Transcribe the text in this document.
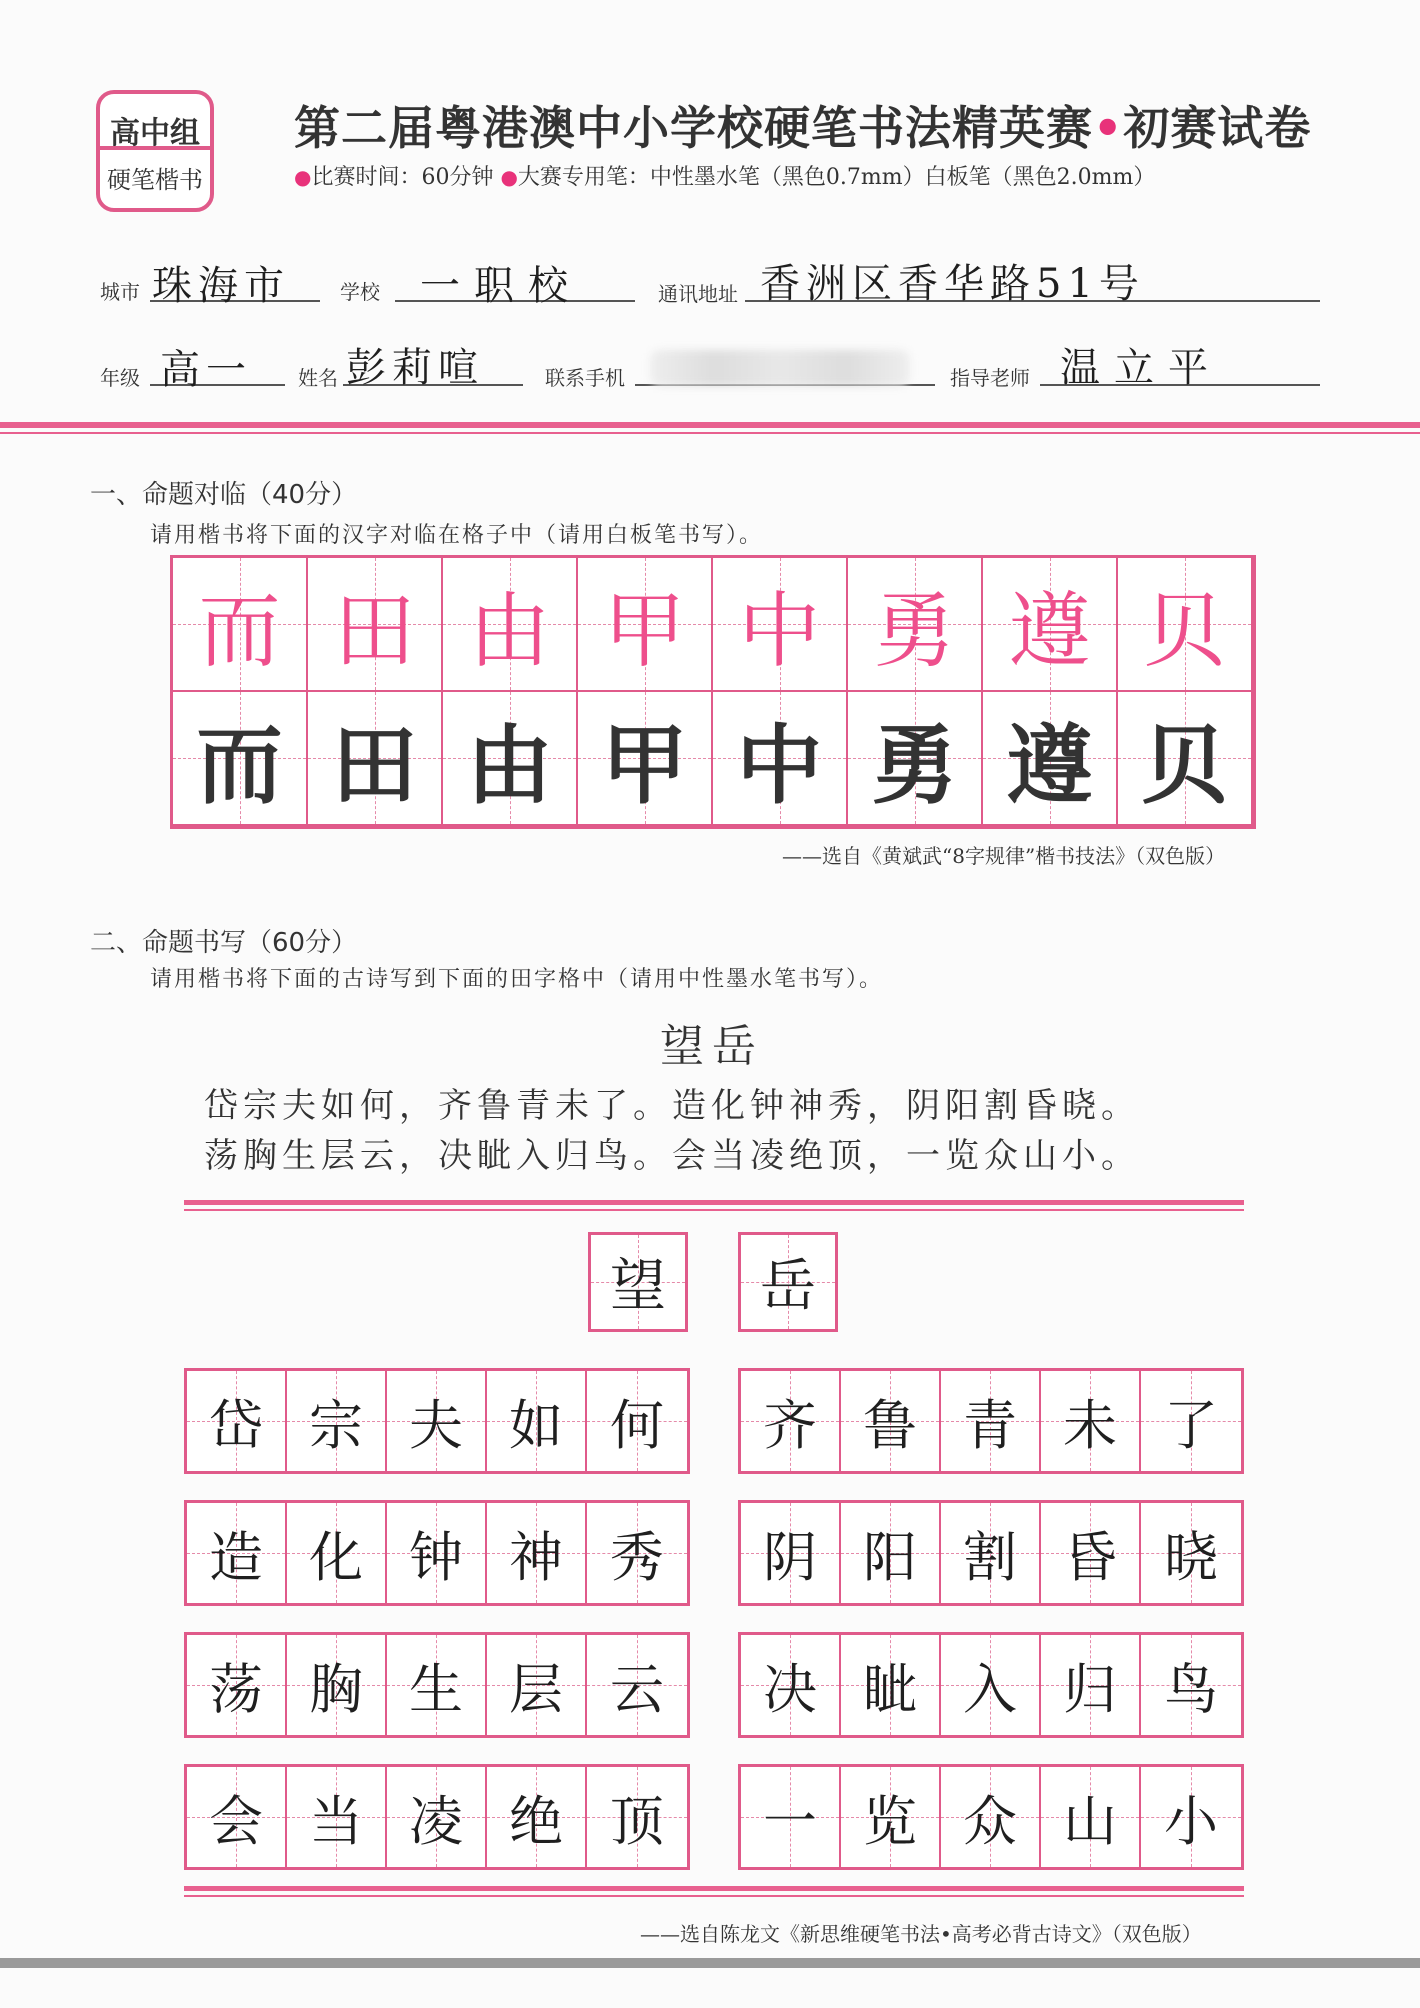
高中组
硬笔楷书
第二届粤港澳中小学校硬笔书法精英赛•初赛试卷
●比赛时间：60分钟 ●大赛专用笔：中性墨水笔（黑色0.7mm）白板笔（黑色2.0mm）
城市 珠海市	学校 一职校	通讯地址 香洲区香华路51号
年级 高一 姓名 彭莉喧	联系手机	指导老师 温立平
一、命题对临（40分）
请用楷书将下面的汉字对临在格子中（请用白板笔书写）。
而 田 由 甲 中 勇 遵 贝
而 田 由 甲 中 勇 遵 贝
——选自《黄斌武“8字规律”楷书技法》（双色版）
二、命题书写（60分）
请用楷书将下面的古诗写到下面的田字格中（请用中性墨水笔书写）。
望岳
岱宗夫如何，齐鲁青未了。造化钟神秀，阴阳割昏晓。
荡胸生层云，决眦入归鸟。会当凌绝顶，一览众山小。
望 岳
岱 宗 夫 如 何 齐 鲁 青 未 了
造 化 钟 神 秀 阴 阳 割 昏 晓
荡 胸 生 层 云 决 眦 入 归 鸟
会 当 凌 绝 顶 一 览 众 山 小
——选自陈龙文《新思维硬笔书法•高考必背古诗文》（双色版）
